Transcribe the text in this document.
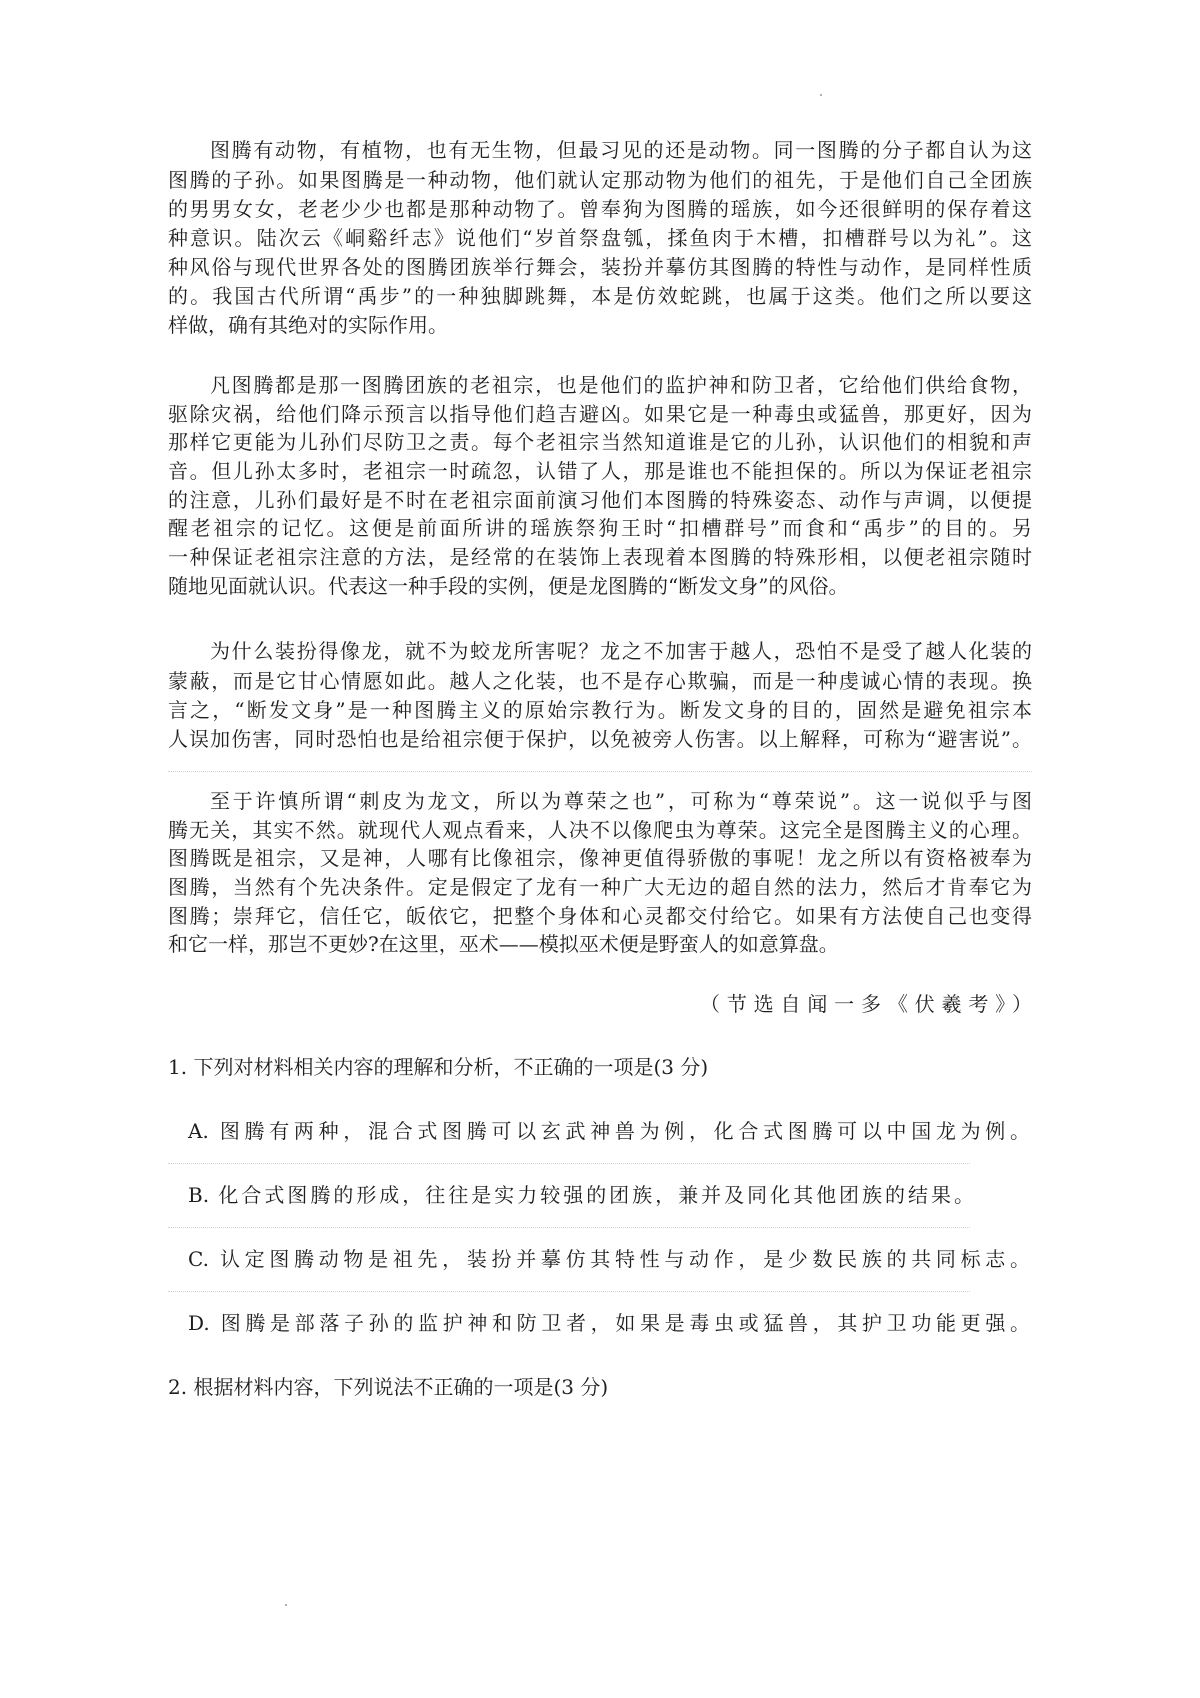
图腾有动物，有植物，也有无生物，但最习见的还是动物。同一图腾的分子都自认为这
图腾的子孙。如果图腾是一种动物，他们就认定那动物为他们的祖先，于是他们自己全团族
的男男女女，老老少少也都是那种动物了。曾奉狗为图腾的瑶族，如今还很鲜明的保存着这
种意识。陆次云《峒谿纤志》说他们“岁首祭盘瓠，揉鱼肉于木槽，扣槽群号以为礼”。这
种风俗与现代世界各处的图腾团族举行舞会，装扮并摹仿其图腾的特性与动作，是同样性质
的。我国古代所谓“禹步”的一种独脚跳舞，本是仿效蛇跳，也属于这类。他们之所以要这
样做，确有其绝对的实际作用。
凡图腾都是那一图腾团族的老祖宗，也是他们的监护神和防卫者，它给他们供给食物，
驱除灾祸，给他们降示预言以指导他们趋吉避凶。如果它是一种毒虫或猛兽，那更好，因为
那样它更能为儿孙们尽防卫之责。每个老祖宗当然知道谁是它的儿孙，认识他们的相貌和声
音。但儿孙太多时，老祖宗一时疏忽，认错了人，那是谁也不能担保的。所以为保证老祖宗
的注意，儿孙们最好是不时在老祖宗面前演习他们本图腾的特殊姿态、动作与声调，以便提
醒老祖宗的记忆。这便是前面所讲的瑶族祭狗王时“扣槽群号”而食和“禹步”的目的。另
一种保证老祖宗注意的方法，是经常的在装饰上表现着本图腾的特殊形相，以便老祖宗随时
随地见面就认识。代表这一种手段的实例，便是龙图腾的“断发文身”的风俗。
为什么装扮得像龙，就不为蛟龙所害呢？龙之不加害于越人，恐怕不是受了越人化装的
蒙蔽，而是它甘心情愿如此。越人之化装，也不是存心欺骗，而是一种虔诚心情的表现。换
言之，“断发文身”是一种图腾主义的原始宗教行为。断发文身的目的，固然是避免祖宗本
人误加伤害，同时恐怕也是给祖宗便于保护，以免被旁人伤害。以上解释，可称为“避害说”。
至于许慎所谓“刺皮为龙文，所以为尊荣之也”，可称为“尊荣说”。这一说似乎与图
腾无关，其实不然。就现代人观点看来，人决不以像爬虫为尊荣。这完全是图腾主义的心理。
图腾既是祖宗，又是神，人哪有比像祖宗，像神更值得骄傲的事呢！龙之所以有资格被奉为
图腾，当然有个先决条件。定是假定了龙有一种广大无边的超自然的法力，然后才肯奉它为
图腾；崇拜它，信任它，皈依它，把整个身体和心灵都交付给它。如果有方法使自己也变得
和它一样，那岂不更妙?在这里，巫术——模拟巫术便是野蛮人的如意算盘。
（节选自闻一多《伏羲考》）
1. 下列对材料相关内容的理解和分析，不正确的一项是(3 分)
A. 图腾有两种，混合式图腾可以玄武神兽为例，化合式图腾可以中国龙为例。
B. 化合式图腾的形成，往往是实力较强的团族，兼并及同化其他团族的结果。
C. 认定图腾动物是祖先，装扮并摹仿其特性与动作，是少数民族的共同标志。
D. 图腾是部落子孙的监护神和防卫者，如果是毒虫或猛兽，其护卫功能更强。
2. 根据材料内容，下列说法不正确的一项是(3 分)
